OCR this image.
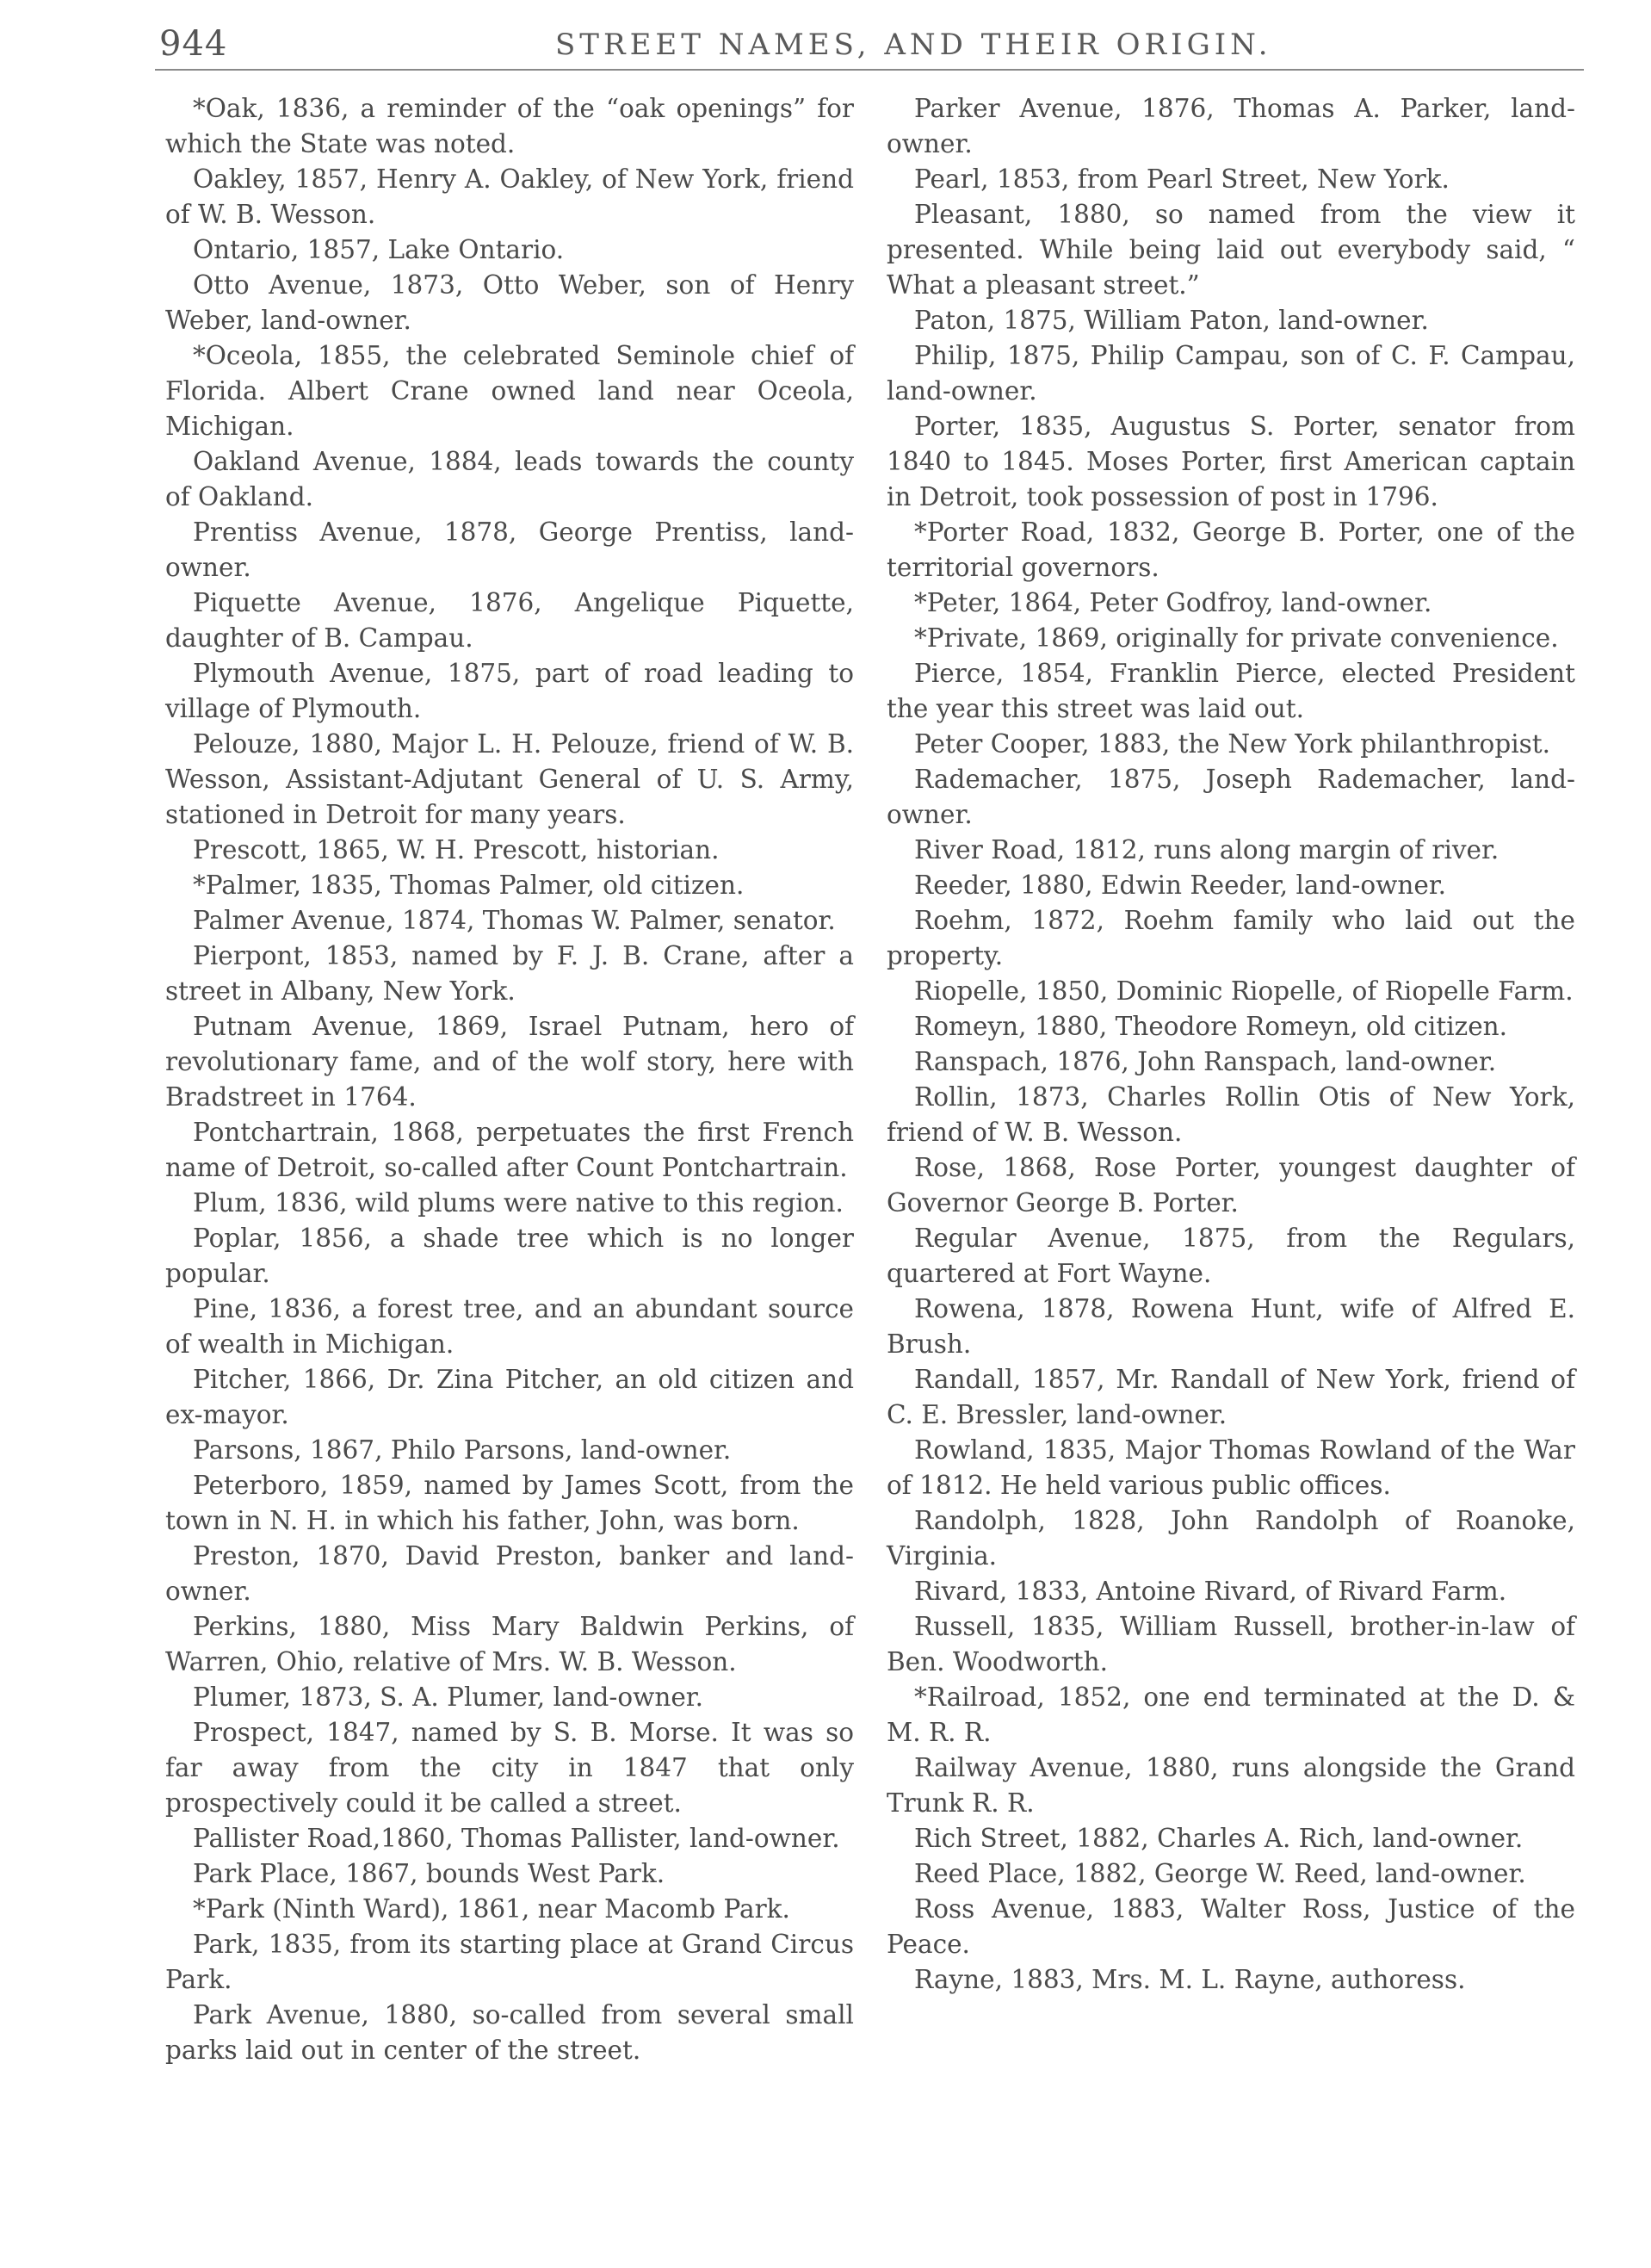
944	STREET NAMES, AND THEIR ORIGIN.

*Oak, 1836, a reminder of the “oak openings” for which the State was noted.

Oakley, 1857, Henry A. Oakley, of New York, friend of W. B. Wesson.

Ontario, 1857, Lake Ontario.

Otto Avenue, 1873, Otto Weber, son of Henry Weber, land-owner.

*Oceola, 1855, the celebrated Seminole chief of Florida. Albert Crane owned land near Oceola, Michigan.

Oakland Avenue, 1884, leads towards the county of Oakland.

Prentiss Avenue, 1878, George Prentiss, land-owner.

Piquette Avenue, 1876, Angelique Piquette, daughter of B. Campau.

Plymouth Avenue, 1875, part of road leading to village of Plymouth.

Pelouze, 1880, Major L. H. Pelouze, friend of W. B. Wesson, Assistant-Adjutant General of U. S. Army, stationed in Detroit for many years.

Prescott, 1865, W. H. Prescott, historian.

*Palmer, 1835, Thomas Palmer, old citizen.

Palmer Avenue, 1874, Thomas W. Palmer, senator.

Pierpont, 1853, named by F. J. B. Crane, after a street in Albany, New York.

Putnam Avenue, 1869, Israel Putnam, hero of revolutionary fame, and of the wolf story, here with Bradstreet in 1764.

Pontchartrain, 1868, perpetuates the first French name of Detroit, so-called after Count Pontchartrain.

Plum, 1836, wild plums were native to this region.

Poplar, 1856, a shade tree which is no longer popular.

Pine, 1836, a forest tree, and an abundant source of wealth in Michigan.

Pitcher, 1866, Dr. Zina Pitcher, an old citizen and ex-mayor.

Parsons, 1867, Philo Parsons, land-owner.

Peterboro, 1859, named by James Scott, from the town in N. H. in which his father, John, was born.

Preston, 1870, David Preston, banker and land-owner.

Perkins, 1880, Miss Mary Baldwin Perkins, of Warren, Ohio, relative of Mrs. W. B. Wesson.

Plumer, 1873, S. A. Plumer, land-owner.

Prospect, 1847, named by S. B. Morse. It was so far away from the city in 1847 that only prospectively could it be called a street.

Pallister Road,1860, Thomas Pallister, land-owner.

Park Place, 1867, bounds West Park.

*Park (Ninth Ward), 1861, near Macomb Park.

Park, 1835, from its starting place at Grand Circus Park.

Park Avenue, 1880, so-called from several small parks laid out in center of the street.

Parker Avenue, 1876, Thomas A. Parker, land-owner.

Pearl, 1853, from Pearl Street, New York.

Pleasant, 1880, so named from the view it presented. While being laid out everybody said, “ What a pleasant street.”

Paton, 1875, William Paton, land-owner.

Philip, 1875, Philip Campau, son of C. F. Campau, land-owner.

Porter, 1835, Augustus S. Porter, senator from 1840 to 1845. Moses Porter, first American captain in Detroit, took possession of post in 1796.

*Porter Road, 1832, George B. Porter, one of the territorial governors.

*Peter, 1864, Peter Godfroy, land-owner.

*Private, 1869, originally for private convenience.

Pierce, 1854, Franklin Pierce, elected President the year this street was laid out.

Peter Cooper, 1883, the New York philanthropist.

Rademacher, 1875, Joseph Rademacher, land-owner.

River Road, 1812, runs along margin of river.

Reeder, 1880, Edwin Reeder, land-owner.

Roehm, 1872, Roehm family who laid out the property.

Riopelle, 1850, Dominic Riopelle, of Riopelle Farm.

Romeyn, 1880, Theodore Romeyn, old citizen.

Ranspach, 1876, John Ranspach, land-owner.

Rollin, 1873, Charles Rollin Otis of New York, friend of W. B. Wesson.

Rose, 1868, Rose Porter, youngest daughter of Governor George B. Porter.

Regular Avenue, 1875, from the Regulars, quartered at Fort Wayne.

Rowena, 1878, Rowena Hunt, wife of Alfred E. Brush.

Randall, 1857, Mr. Randall of New York, friend of C. E. Bressler, land-owner.

Rowland, 1835, Major Thomas Rowland of the War of 1812. He held various public offices.

Randolph, 1828, John Randolph of Roanoke, Virginia.

Rivard, 1833, Antoine Rivard, of Rivard Farm.

Russell, 1835, William Russell, brother-in-law of Ben. Woodworth.

*Railroad, 1852, one end terminated at the D. & M. R. R.

Railway Avenue, 1880, runs alongside the Grand Trunk R. R.

Rich Street, 1882, Charles A. Rich, land-owner.

Reed Place, 1882, George W. Reed, land-owner.

Ross Avenue, 1883, Walter Ross, Justice of the Peace.

Rayne, 1883, Mrs. M. L. Rayne, authoress.
